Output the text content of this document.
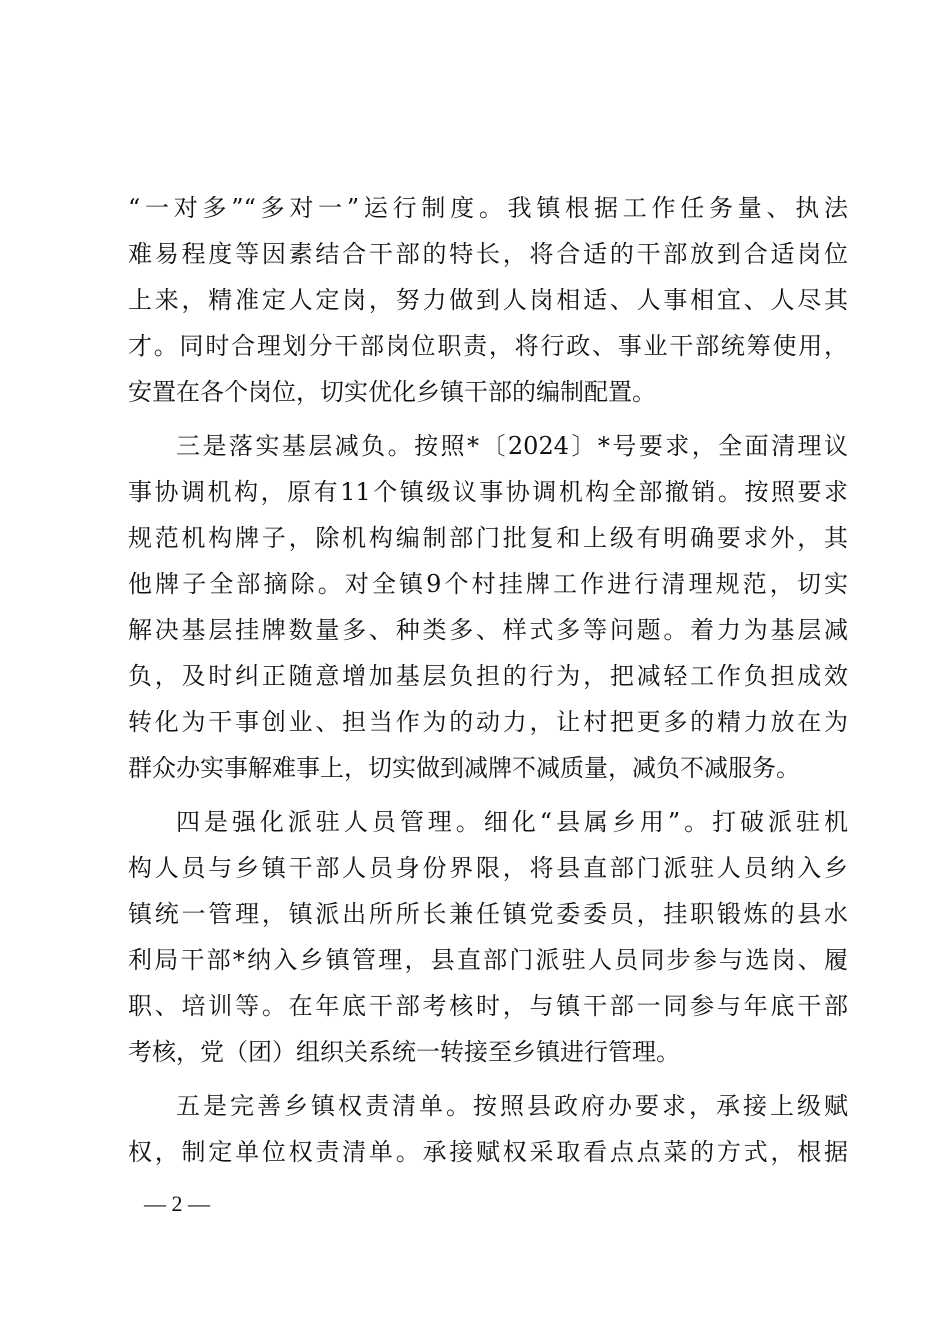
“一对多”“多对一”运行制度。我镇根据工作任务量、执法
难易程度等因素结合干部的特长，将合适的干部放到合适岗位
上来，精准定人定岗，努力做到人岗相适、人事相宜、人尽其
才。同时合理划分干部岗位职责，将行政、事业干部统筹使用，
安置在各个岗位，切实优化乡镇干部的编制配置。
三是落实基层减负。按照*〔2024〕*号要求，全面清理议
事协调机构，原有11个镇级议事协调机构全部撤销。按照要求
规范机构牌子，除机构编制部门批复和上级有明确要求外，其
他牌子全部摘除。对全镇9个村挂牌工作进行清理规范，切实
解决基层挂牌数量多、种类多、样式多等问题。着力为基层减
负，及时纠正随意增加基层负担的行为，把减轻工作负担成效
转化为干事创业、担当作为的动力，让村把更多的精力放在为
群众办实事解难事上，切实做到减牌不减质量，减负不减服务。
四是强化派驻人员管理。细化“县属乡用”。打破派驻机
构人员与乡镇干部人员身份界限，将县直部门派驻人员纳入乡
镇统一管理，镇派出所所长兼任镇党委委员，挂职锻炼的县水
利局干部*纳入乡镇管理，县直部门派驻人员同步参与选岗、履
职、培训等。在年底干部考核时，与镇干部一同参与年底干部
考核，党（团）组织关系统一转接至乡镇进行管理。
五是完善乡镇权责清单。按照县政府办要求，承接上级赋
权，制定单位权责清单。承接赋权采取看点点菜的方式，根据
— 2 —
